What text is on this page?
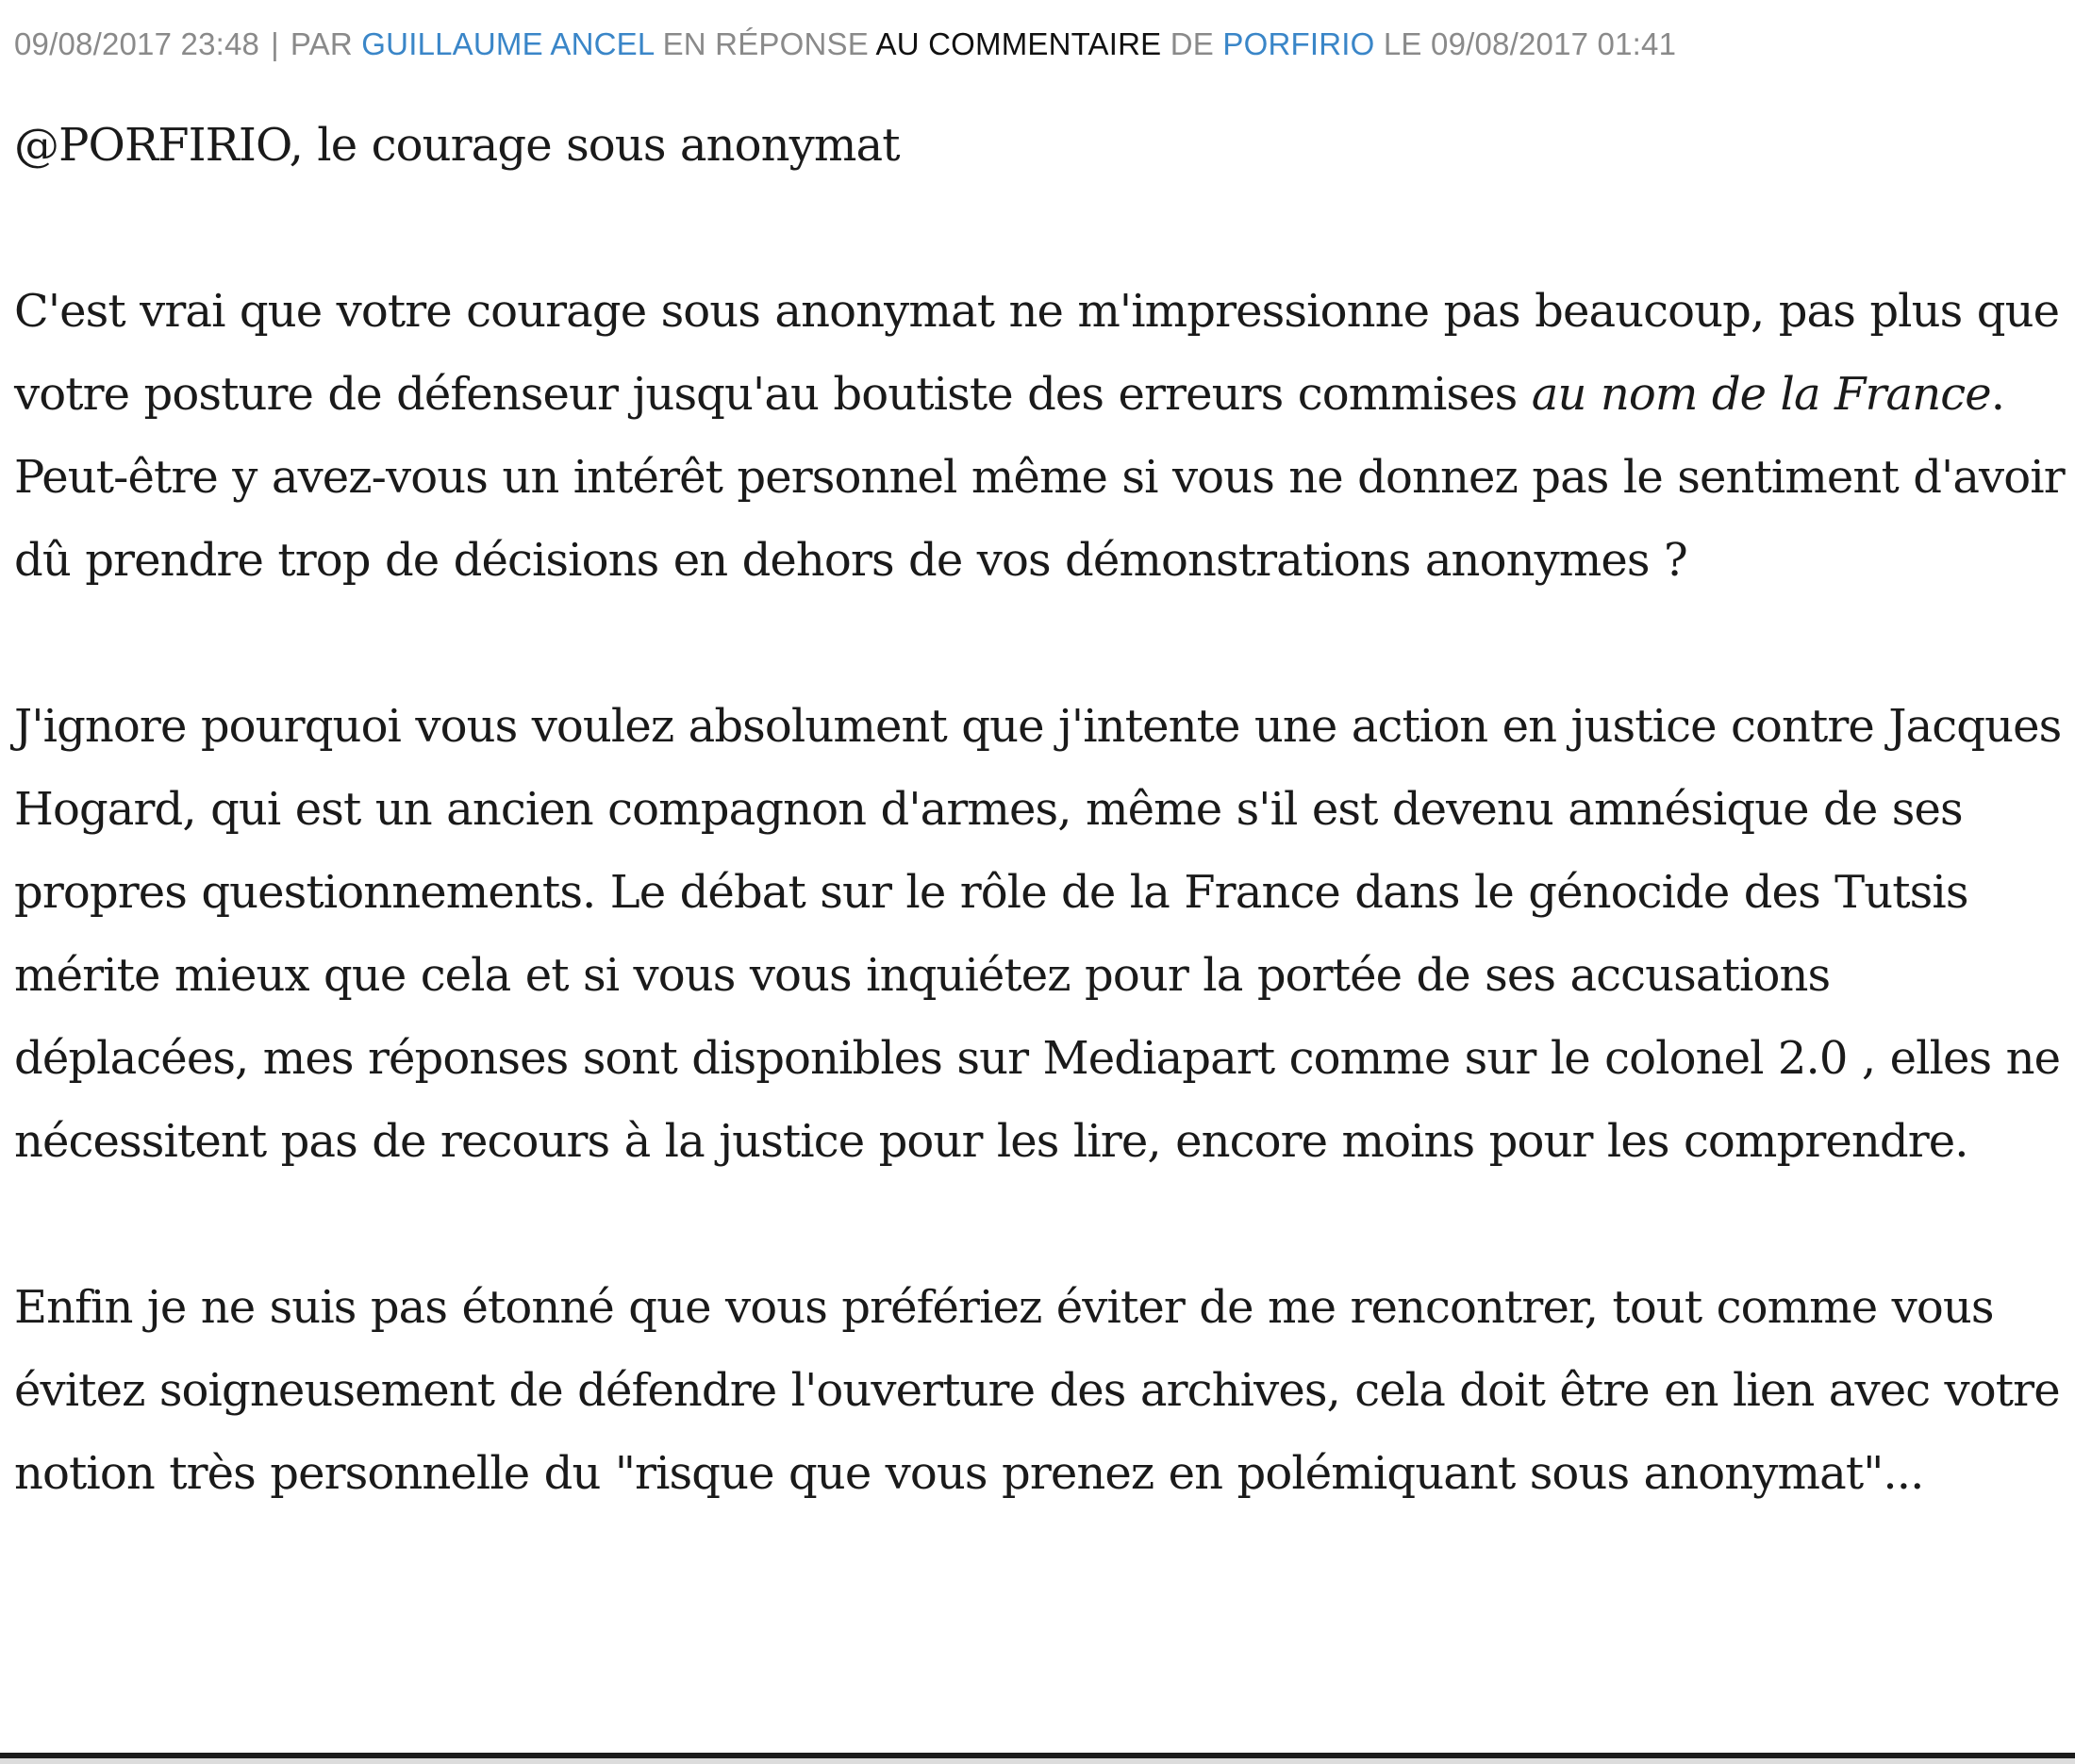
09/08/2017 23:48 | PAR GUILLAUME ANCEL EN RÉPONSE AU COMMENTAIRE DE PORFIRIO LE 09/08/2017 01:41

@PORFIRIO, le courage sous anonymat

C'est vrai que votre courage sous anonymat ne m'impressionne pas beaucoup, pas plus que votre posture de défenseur jusqu'au boutiste des erreurs commises au nom de la France. Peut-être y avez-vous un intérêt personnel même si vous ne donnez pas le sentiment d'avoir dû prendre trop de décisions en dehors de vos démonstrations anonymes ?

J'ignore pourquoi vous voulez absolument que j'intente une action en justice contre Jacques Hogard, qui est un ancien compagnon d'armes, même s'il est devenu amnésique de ses propres questionnements. Le débat sur le rôle de la France dans le génocide des Tutsis mérite mieux que cela et si vous vous inquiétez pour la portée de ses accusations déplacées, mes réponses sont disponibles sur Mediapart comme sur le colonel 2.0 , elles ne nécessitent pas de recours à la justice pour les lire, encore moins pour les comprendre.

Enfin je ne suis pas étonné que vous préfériez éviter de me rencontrer, tout comme vous évitez soigneusement de défendre l'ouverture des archives, cela doit être en lien avec votre notion très personnelle du "risque que vous prenez en polémiquant sous anonymat"...
